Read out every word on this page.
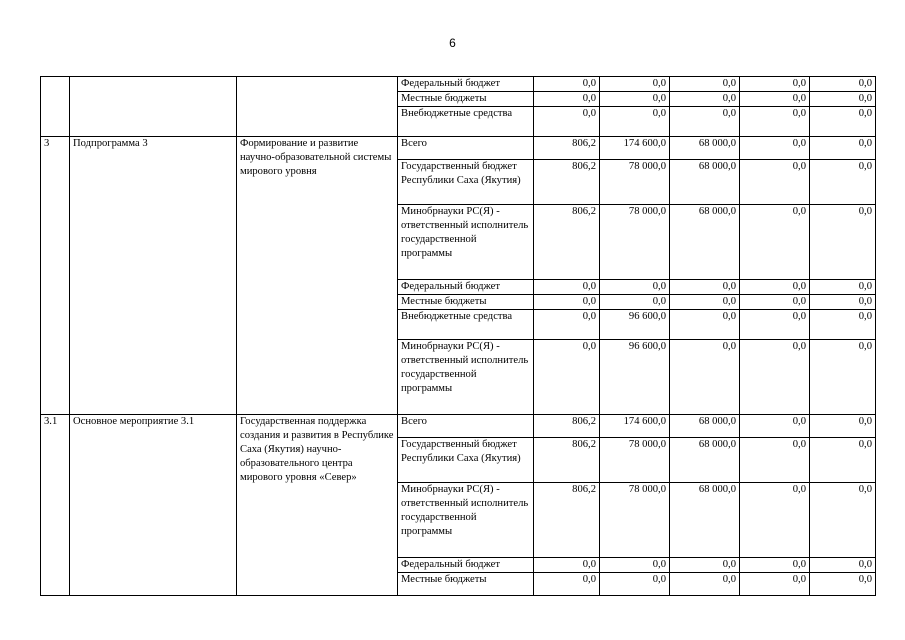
6
			Федеральный бюджет	0,0	0,0	0,0	0,0	0,0
			Местные бюджеты	0,0	0,0	0,0	0,0	0,0
			Внебюджетные средства	0,0	0,0	0,0	0,0	0,0
3	Подпрограмма 3	Формирование и развитие научно-образовательной системы мирового уровня	Всего	806,2	174 600,0	68 000,0	0,0	0,0
			Государственный бюджет Республики Саха (Якутия)	806,2	78 000,0	68 000,0	0,0	0,0
			Минобрнауки РС(Я) - ответственный исполнитель государственной программы	806,2	78 000,0	68 000,0	0,0	0,0
			Федеральный бюджет	0,0	0,0	0,0	0,0	0,0
			Местные бюджеты	0,0	0,0	0,0	0,0	0,0
			Внебюджетные средства	0,0	96 600,0	0,0	0,0	0,0
			Минобрнауки РС(Я) - ответственный исполнитель государственной программы	0,0	96 600,0	0,0	0,0	0,0
3.1	Основное мероприятие 3.1	Государственная поддержка создания и развития в Республике Саха (Якутия) научно-образовательного центра мирового уровня «Север»	Всего	806,2	174 600,0	68 000,0	0,0	0,0
			Государственный бюджет Республики Саха (Якутия)	806,2	78 000,0	68 000,0	0,0	0,0
			Минобрнауки РС(Я) - ответственный исполнитель государственной программы	806,2	78 000,0	68 000,0	0,0	0,0
			Федеральный бюджет	0,0	0,0	0,0	0,0	0,0
			Местные бюджеты	0,0	0,0	0,0	0,0	0,0
